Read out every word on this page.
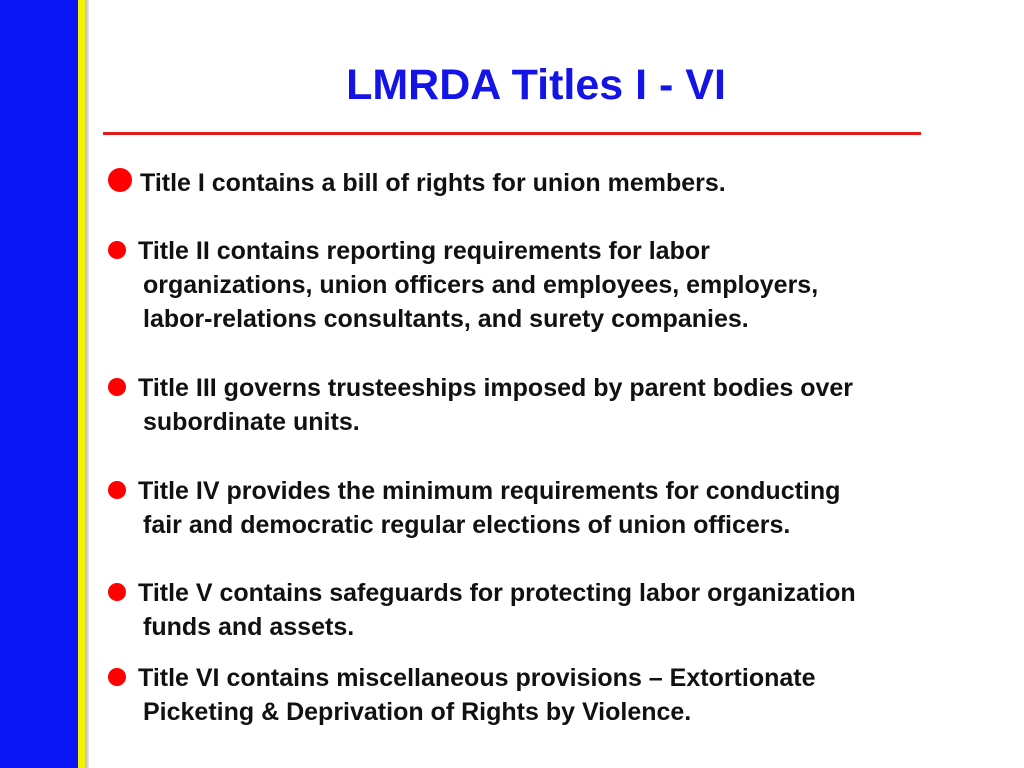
LMRDA Titles I - VI
Title I contains a bill of rights for union members.
Title II contains reporting requirements for labor
organizations, union officers and employees, employers,
labor-relations consultants, and surety companies.
Title III governs trusteeships imposed by parent bodies over
subordinate units.
Title IV provides the minimum requirements for conducting
fair and democratic regular elections of union officers.
Title V contains safeguards for protecting labor organization
funds and assets.
Title VI contains miscellaneous provisions – Extortionate
Picketing & Deprivation of Rights by Violence.
